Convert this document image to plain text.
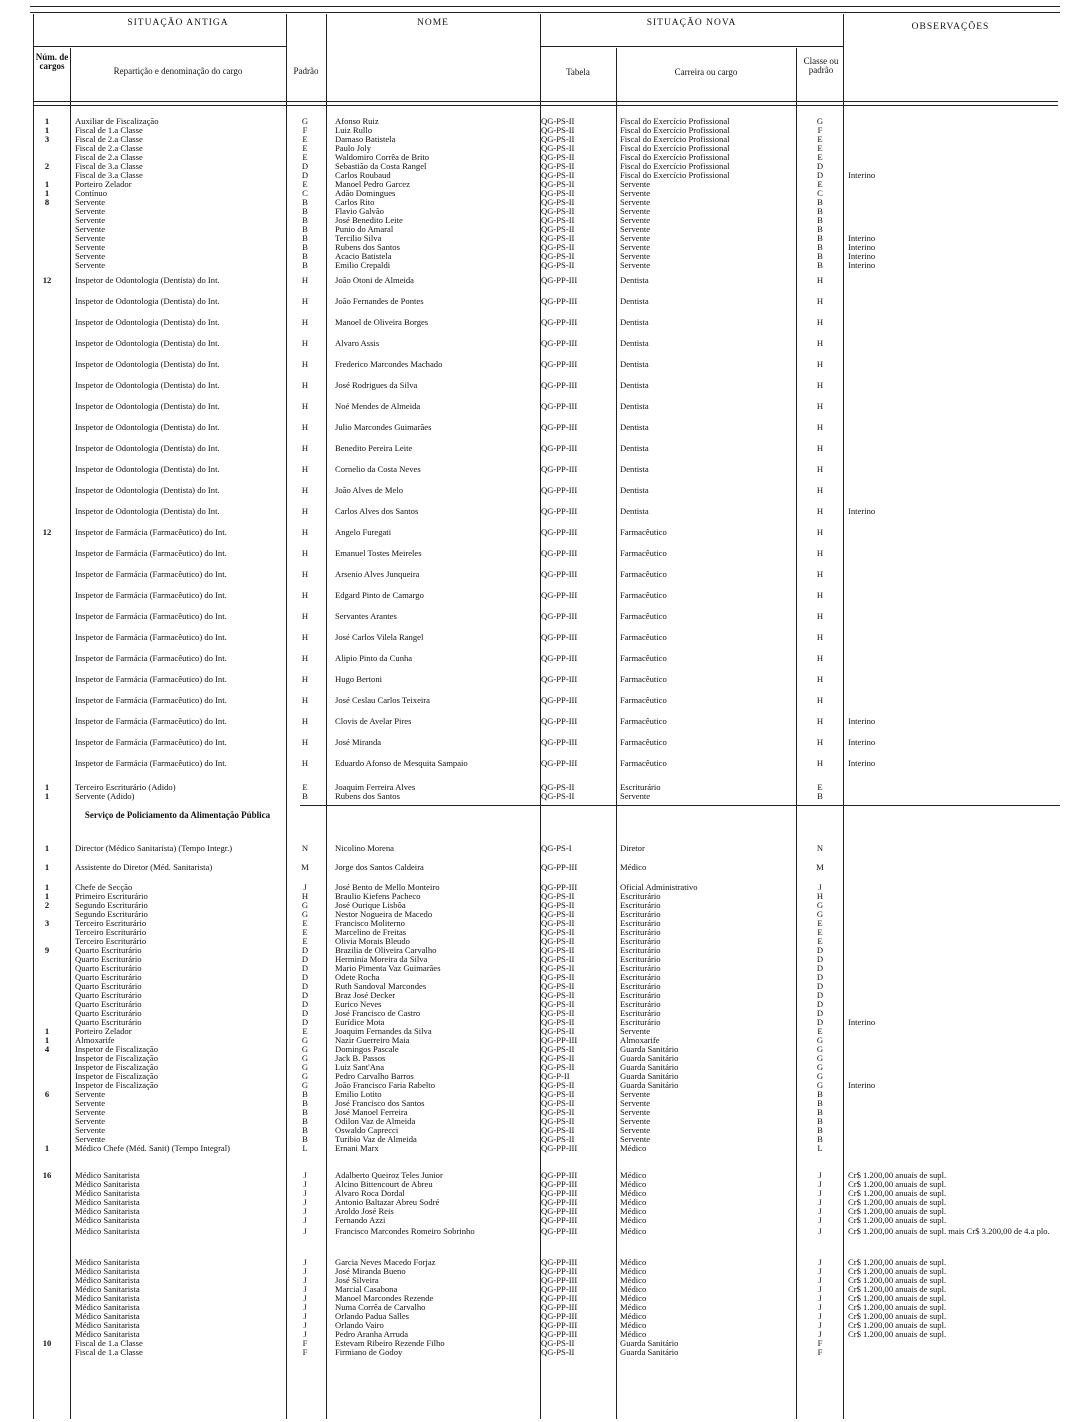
SITUAÇÃO ANTIGA	NOME	SITUAÇÃO NOVA	OBSERVAÇÕES
Núm. de cargos	Repartição e denominação do cargo	Padrão	Tabela	Carreira ou cargo
Classe ou padrão
Serviço de Policiamento da Alimentação Pública
1	Auxiliar de Fiscalização	G	Afonso Ruiz	QG-PS-II	Fiscal do Exercício Profissional	G
1	Fiscal de 1.a Classe	F	Luiz Rullo	QG-PS-II	Fiscal do Exercício Profissional	F
3	Fiscal de 2.a Classe	E	Damaso Batistela	QG-PS-II	Fiscal do Exercício Profissional	E
Fiscal de 2.a Classe	E	Paulo Joly	QG-PS-II	Fiscal do Exercício Profissional	E
Fiscal de 2.a Classe	E	Waldomiro Corrêa de Brito	QG-PS-II	Fiscal do Exercício Profissional	E
2	Fiscal de 3.a Classe	D	Sebastião da Costa Rangel	QG-PS-II	Fiscal do Exercício Profissional	D
Fiscal de 3.a Classe	D	Carlos Roubaud	QG-PS-II	Fiscal do Exercício Profissional	D	Interino
1	Porteiro Zelador	E	Manoel Pedro Garcez	QG-PS-II	Servente	E
1	Contínuo	C	Adão Domingues	QG-PS-II	Servente	C
8	Servente	B	Carlos Rito	QG-PS-II	Servente	B
Servente	B	Flavio Galvão	QG-PS-II	Servente	B
Servente	B	José Benedito Leite	QG-PS-II	Servente	B
Servente	B	Punio do Amaral	QG-PS-II	Servente	B
Servente	B	Tercilio Silva	QG-PS-II	Servente	B	Interino
Servente	B	Rubens dos Santos	QG-PS-II	Servente	B	Interino
Servente	B	Acacio Batistela	QG-PS-II	Servente	B	Interino
Servente	B	Emilio Crepaldi	QG-PS-II	Servente	B	Interino
12	Inspetor de Odontologia (Dentista) do Int.	H	João Otoni de Almeida	QG-PP-III	Dentista	H
Inspetor de Odontologia (Dentista) do Int.	H	João Fernandes de Pontes	QG-PP-III	Dentista	H
Inspetor de Odontologia (Dentista) do Int.	H	Manoel de Oliveira Borges	QG-PP-III	Dentista	H
Inspetor de Odontologia (Dentista) do Int.	H	Alvaro Assis	QG-PP-III	Dentista	H
Inspetor de Odontologia (Dentista) do Int.	H	Frederico Marcondes Machado	QG-PP-III	Dentista	H
Inspetor de Odontologia (Dentista) do Int.	H	José Rodrigues da Silva	QG-PP-III	Dentista	H
Inspetor de Odontologia (Dentista) do Int.	H	Noé Mendes de Almeida	QG-PP-III	Dentista	H
Inspetor de Odontologia (Dentista) do Int.	H	Julio Marcondes Guimarães	QG-PP-III	Dentista	H
Inspetor de Odontologia (Dentista) do Int.	H	Benedito Pereira Leite	QG-PP-III	Dentista	H
Inspetor de Odontologia (Dentista) do Int.	H	Cornelio da Costa Neves	QG-PP-III	Dentista	H
Inspetor de Odontologia (Dentista) do Int.	H	João Alves de Melo	QG-PP-III	Dentista	H
Inspetor de Odontologia (Dentista) do Int.	H	Carlos Alves dos Santos	QG-PP-III	Dentista	H	Interino
12	Inspetor de Farmácia (Farmacêutico) do Int.	H	Angelo Furegati	QG-PP-III	Farmacêutico	H
Inspetor de Farmácia (Farmacêutico) do Int.	H	Emanuel Tostes Meireles	QG-PP-III	Farmacêutico	H
Inspetor de Farmácia (Farmacêutico) do Int.	H	Arsenio Alves Junqueira	QG-PP-III	Farmacêutico	H
Inspetor de Farmácia (Farmacêutico) do Int.	H	Edgard Pinto de Camargo	QG-PP-III	Farmacêutico	H
Inspetor de Farmácia (Farmacêutico) do Int.	H	Servantes Arantes	QG-PP-III	Farmacêutico	H
Inspetor de Farmácia (Farmacêutico) do Int.	H	José Carlos Vilela Rangel	QG-PP-III	Farmacêutico	H
Inspetor de Farmácia (Farmacêutico) do Int.	H	Alipio Pinto da Cunha	QG-PP-III	Farmacêutico	H
Inspetor de Farmácia (Farmacêutico) do Int.	H	Hugo Bertoni	QG-PP-III	Farmacêutico	H
Inspetor de Farmácia (Farmacêutico) do Int.	H	José Ceslau Carlos Teixeira	QG-PP-III	Farmacêutico	H
Inspetor de Farmácia (Farmacêutico) do Int.	H	Clovis de Avelar Pires	QG-PP-III	Farmacêutico	H	Interino
Inspetor de Farmácia (Farmacêutico) do Int.	H	José Miranda	QG-PP-III	Farmacêutico	H	Interino
Inspetor de Farmácia (Farmacêutico) do Int.	H	Eduardo Afonso de Mesquita Sampaio	QG-PP-III	Farmacêutico	H	Interino
1	Terceiro Escriturário (Adido)	E	Joaquim Ferreira Alves	QG-PS-II	Escriturário	E
1	Servente (Adido)	B	Rubens dos Santos	QG-PS-II	Servente	B
1	Director (Médico Sanitarista) (Tempo Integr.)	N	Nicolino Morena	QG-PS-I	Diretor	N
1	Assistente do Diretor (Méd. Sanitarista)	M	Jorge dos Santos Caldeira	QG-PP-III	Médico	M
1	Chefe de Secção	J	José Bento de Mello Monteiro	QG-PP-III	Oficial Administrativo	J
1	Primeiro Escriturário	H	Braulio Kiefens Pacheco	QG-PS-II	Escriturário	H
2	Segundo Escriturário	G	José Ourique Lisbôa	QG-PS-II	Escriturário	G
Segundo Escriturário	G	Nestor Nogueira de Macedo	QG-PS-II	Escriturário	G
3	Terceiro Escriturário	E	Francisco Moliterno	QG-PS-II	Escriturário	E
Terceiro Escriturário	E	Marcelino de Freitas	QG-PS-II	Escriturário	E
Terceiro Escriturário	E	Olivia Morais Bleudo	QG-PS-II	Escriturário	E
9	Quarto Escriturário	D	Brazilia de Oliveira Carvalho	QG-PS-II	Escriturário	D
Quarto Escriturário	D	Herminia Moreira da Silva	QG-PS-II	Escriturário	D
Quarto Escriturário	D	Mario Pimenta Vaz Guimarães	QG-PS-II	Escriturário	D
Quarto Escriturário	D	Odete Rocha	QG-PS-II	Escriturário	D
Quarto Escriturário	D	Ruth Sandoval Marcondes	QG-PS-II	Escriturário	D
Quarto Escriturário	D	Braz José Decker	QG-PS-II	Escriturário	D
Quarto Escriturário	D	Eurico Neves	QG-PS-II	Escriturário	D
Quarto Escriturário	D	José Francisco de Castro	QG-PS-II	Escriturário	D
Quarto Escriturário	D	Eurídice Mota	QG-PS-II	Escriturário	D	Interino
1	Porteiro Zelador	E	Joaquim Fernandes da Silva	QG-PS-II	Servente	E
1	Almoxarife	G	Nazir Guerreiro Maia	QG-PP-III	Almoxarife	G
4	Inspetor de Fiscalização	G	Domingos Pascale	QG-PS-II	Guarda Sanitário	G
Inspetor de Fiscalização	G	Jack B. Passos	QG-PS-II	Guarda Sanitário	G
Inspetor de Fiscalização	G	Luiz Sant'Ana	QG-PS-II	Guarda Sanitário	G
Inspetor de Fiscalização	G	Pedro Carvalho Barros	QG-P-II	Guarda Sanitário	G
Inspetor de Fiscalização	G	João Francisco Faria Rabelto	QG-PS-II	Guarda Sanitário	G	Interino
6	Servente	B	Emilio Lotito	QG-PS-II	Servente	B
Servente	B	José Francisco dos Santos	QG-PS-II	Servente	B
Servente	B	José Manoel Ferreira	QG-PS-II	Servente	B
Servente	B	Odilon Vaz de Almeida	QG-PS-II	Servente	B
Servente	B	Oswaldo Caprecci	QG-PS-II	Servente	B
Servente	B	Turibio Vaz de Almeida	QG-PS-II	Servente	B
1	Médico Chefe (Méd. Sanit) (Tempo Integral)	L	Ernani Marx	QG-PP-III	Médico	L
16	Médico Sanitarista	J	Adalberto Queiroz Teles Junior	QG-PP-III	Médico	J	Cr$ 1.200,00 anuais de supl.
Médico Sanitarista	J	Alcino Bittencourt de Abreu	QG-PP-III	Médico	J	Cr$ 1.200,00 anuais de supl.
Médico Sanitarista	J	Alvaro Roca Dordal	QG-PP-III	Médico	J	Cr$ 1.200,00 anuais de supl.
Médico Sanitarista	J	Antonio Baltazar Abreu Sodré	QG-PP-III	Médico	J	Cr$ 1.200,00 anuais de supl.
Médico Sanitarista	J	Aroldo José Reis	QG-PP-III	Médico	J	Cr$ 1.200,00 anuais de supl.
Médico Sanitarista	J	Fernando Azzi	QG-PP-III	Médico	J	Cr$ 1.200,00 anuais de supl.
Médico Sanitarista	J	Francisco Marcondes Romeiro Sobrinho	QG-PP-III	Médico	J	Cr$ 1.200,00 anuais de supl. mais Cr$ 3.200,00 de 4.a plo.
Médico Sanitarista	J	Garcia Neves Macedo Forjaz	QG-PP-III	Médico	J	Cr$ 1.200,00 anuais de supl.
Médico Sanitarista	J	José Miranda Bueno	QG-PP-III	Médico	J	Cr$ 1.200,00 anuais de supl.
Médico Sanitarista	J	José Silveira	QG-PP-III	Médico	J	Cr$ 1.200,00 anuais de supl.
Médico Sanitarista	J	Marcial Casabona	QG-PP-III	Médico	J	Cr$ 1.200,00 anuais de supl.
Médico Sanitarista	J	Manoel Marcondes Rezende	QG-PP-III	Médico	J	Cr$ 1.200,00 anuais de supl.
Médico Sanitarista	J	Numa Corrêa de Carvalho	QG-PP-III	Médico	J	Cr$ 1.200,00 anuais de supl.
Médico Sanitarista	J	Orlando Padua Salles	QG-PP-III	Médico	J	Cr$ 1.200,00 anuais de supl.
Médico Sanitarista	J	Orlando Vairo	QG-PP-III	Médico	J	Cr$ 1.200,00 anuais de supl.
Médico Sanitarista	J	Pedro Aranha Arruda	QG-PP-III	Médico	J	Cr$ 1.200,00 anuais de supl.
10	Fiscal de 1.a Classe	F	Estevam Ribeiro Rezende Filho	QG-PS-II	Guarda Sanitário	F
Fiscal de 1.a Classe	F	Firmiano de Godoy	QG-PS-II	Guarda Sanitário	F
